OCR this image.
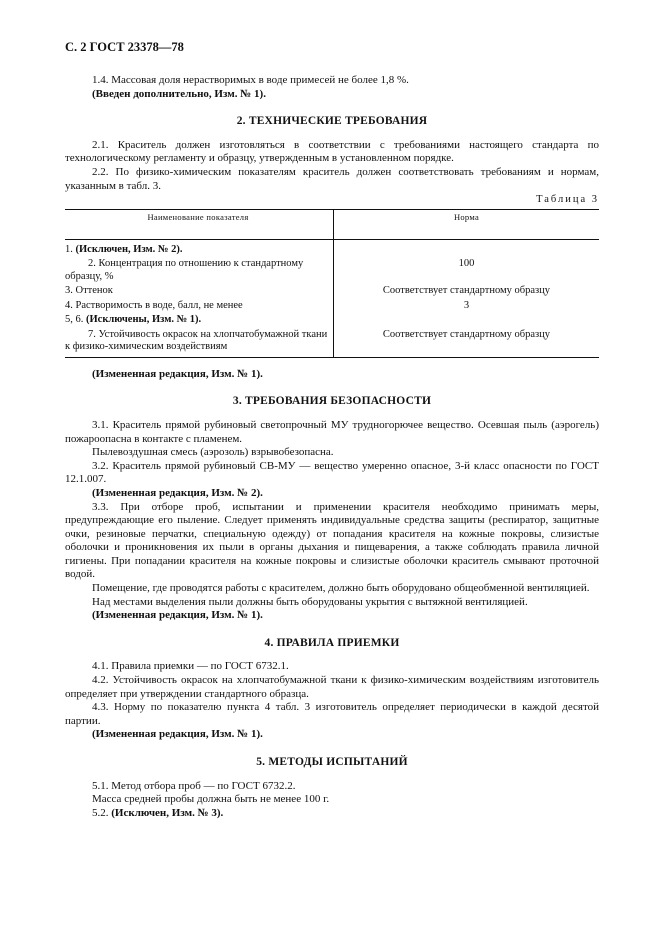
С. 2 ГОСТ 23378—78

1.4. Массовая доля нерастворимых в воде примесей не более 1,8 %.

(Введен дополнительно, Изм. № 1).

2. ТЕХНИЧЕСКИЕ ТРЕБОВАНИЯ

2.1. Краситель должен изготовляться в соответствии с требованиями настоящего стандарта по технологическому регламенту и образцу, утвержденным в установленном порядке.

2.2. По физико-химическим показателям краситель должен соответствовать требованиям и нормам, указанным в табл. 3.

Таблица 3

Наименование показателя	Норма
1. (Исключен, Изм. № 2).	
2. Концентрация по отношению к стандартному образцу, %	100
3. Оттенок	Соответствует стандартному образцу
4. Растворимость в воде, балл, не менее	3
5, 6. (Исключены, Изм. № 1).	
7. Устойчивость окрасок на хлопчатобумажной ткани к физико-химическим воздействиям	Соответствует стандартному образцу

(Измененная редакция, Изм. № 1).

3. ТРЕБОВАНИЯ БЕЗОПАСНОСТИ

3.1. Краситель прямой рубиновый светопрочный МУ трудногорючее вещество. Осевшая пыль (аэрогель) пожароопасна в контакте с пламенем.

Пылевоздушная смесь (аэрозоль) взрывобезопасна.

3.2. Краситель прямой рубиновый СВ-МУ — вещество умеренно опасное, 3-й класс опасности по ГОСТ 12.1.007.

(Измененная редакция, Изм. № 2).

3.3. При отборе проб, испытании и применении красителя необходимо принимать меры, предупреждающие его пыление. Следует применять индивидуальные средства защиты (респиратор, защитные очки, резиновые перчатки, специальную одежду) от попадания красителя на кожные покровы, слизистые оболочки и проникновения их пыли в органы дыхания и пищеварения, а также соблюдать правила личной гигиены. При попадании красителя на кожные покровы и слизистые оболочки краситель смывают проточной водой.

Помещение, где проводятся работы с красителем, должно быть оборудовано общеобменной вентиляцией.

Над местами выделения пыли должны быть оборудованы укрытия с вытяжной вентиляцией.

(Измененная редакция, Изм. № 1).

4. ПРАВИЛА ПРИЕМКИ

4.1. Правила приемки — по ГОСТ 6732.1.

4.2. Устойчивость окрасок на хлопчатобумажной ткани к физико-химическим воздействиям изготовитель определяет при утверждении стандартного образца.

4.3. Норму по показателю пункта 4 табл. 3 изготовитель определяет периодически в каждой десятой партии.

(Измененная редакция, Изм. № 1).

5. МЕТОДЫ ИСПЫТАНИЙ

5.1. Метод отбора проб — по ГОСТ 6732.2.

Масса средней пробы должна быть не менее 100 г.

5.2. (Исключен, Изм. № 3).
